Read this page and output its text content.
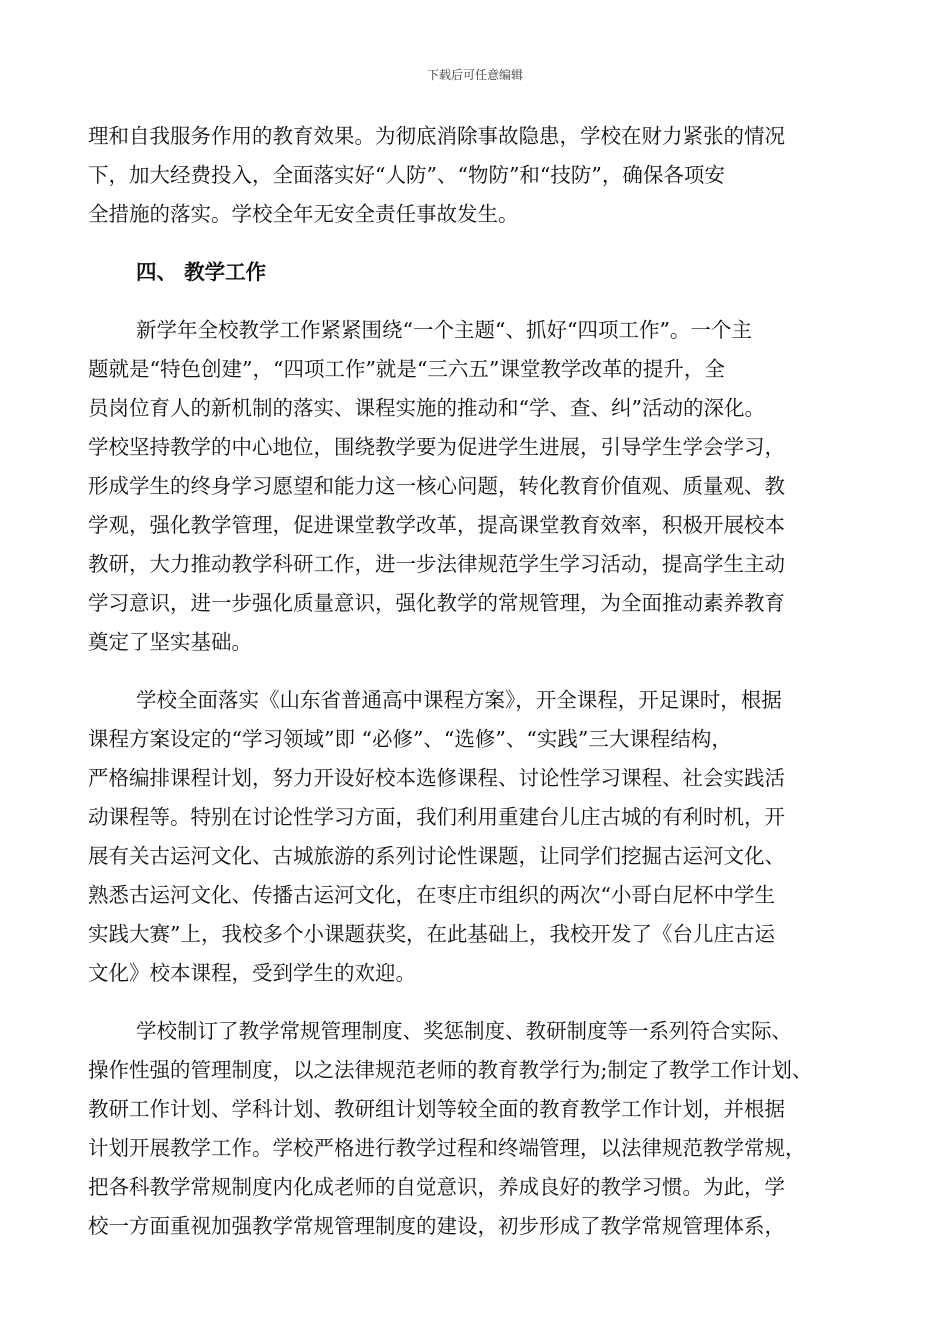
下载后可任意编辑
理和自我服务作用的教育效果。为彻底消除事故隐患，学校在财力紧张的情况
下，加大经费投入，全面落实好“人防”、“物防”和“技防”，确保各项安
全措施的落实。学校全年无安全责任事故发生。
四、 教学工作
新学年全校教学工作紧紧围绕“一个主题“、抓好“四项工作”。一个主
题就是“特色创建”，“四项工作”就是“三六五”课堂教学改革的提升，全
员岗位育人的新机制的落实、课程实施的推动和“学、查、纠”活动的深化。
学校坚持教学的中心地位，围绕教学要为促进学生进展，引导学生学会学习，
形成学生的终身学习愿望和能力这一核心问题，转化教育价值观、质量观、教
学观，强化教学管理，促进课堂教学改革，提高课堂教育效率，积极开展校本
教研，大力推动教学科研工作，进一步法律规范学生学习活动，提高学生主动
学习意识，进一步强化质量意识，强化教学的常规管理，为全面推动素养教育
奠定了坚实基础。
学校全面落实《山东省普通高中课程方案》，开全课程，开足课时，根据
课程方案设定的“学习领域”即 “必修”、“选修”、“实践”三大课程结构，
严格编排课程计划，努力开设好校本选修课程、讨论性学习课程、社会实践活
动课程等。特别在讨论性学习方面，我们利用重建台儿庄古城的有利时机，开
展有关古运河文化、古城旅游的系列讨论性课题，让同学们挖掘古运河文化、
熟悉古运河文化、传播古运河文化，在枣庄市组织的两次“小哥白尼杯中学生
实践大赛”上，我校多个小课题获奖，在此基础上，我校开发了《台儿庄古运
文化》校本课程，受到学生的欢迎。
学校制订了教学常规管理制度、奖惩制度、教研制度等一系列符合实际、
操作性强的管理制度，以之法律规范老师的教育教学行为;制定了教学工作计划、
教研工作计划、学科计划、教研组计划等较全面的教育教学工作计划，并根据
计划开展教学工作。学校严格进行教学过程和终端管理，以法律规范教学常规，
把各科教学常规制度内化成老师的自觉意识，养成良好的教学习惯。为此，学
校一方面重视加强教学常规管理制度的建设，初步形成了教学常规管理体系，
